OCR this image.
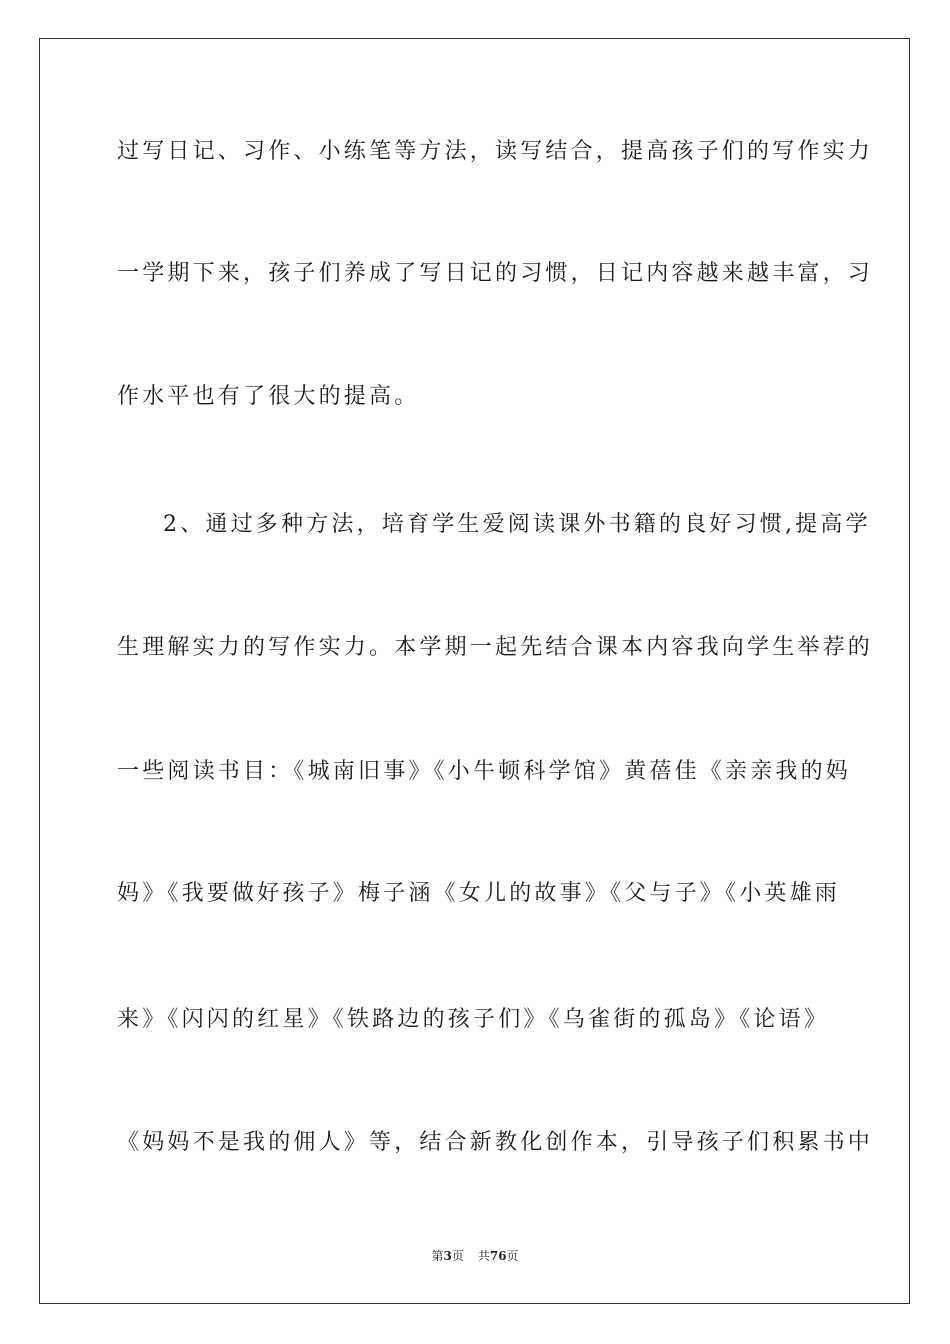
过写日记、习作、小练笔等方法，读写结合，提高孩子们的写作实力
一学期下来，孩子们养成了写日记的习惯，日记内容越来越丰富，习
作水平也有了很大的提高。
2、通过多种方法，培育学生爱阅读课外书籍的良好习惯,提高学
生理解实力的写作实力。本学期一起先结合课本内容我向学生举荐的
一些阅读书目：《城南旧事》《小牛顿科学馆》黄蓓佳《亲亲我的妈
妈》《我要做好孩子》梅子涵《女儿的故事》《父与子》《小英雄雨
来》《闪闪的红星》《铁路边的孩子们》《乌雀街的孤岛》《论语》
《妈妈不是我的佣人》等，结合新教化创作本，引导孩子们积累书中
第3页 共76页
